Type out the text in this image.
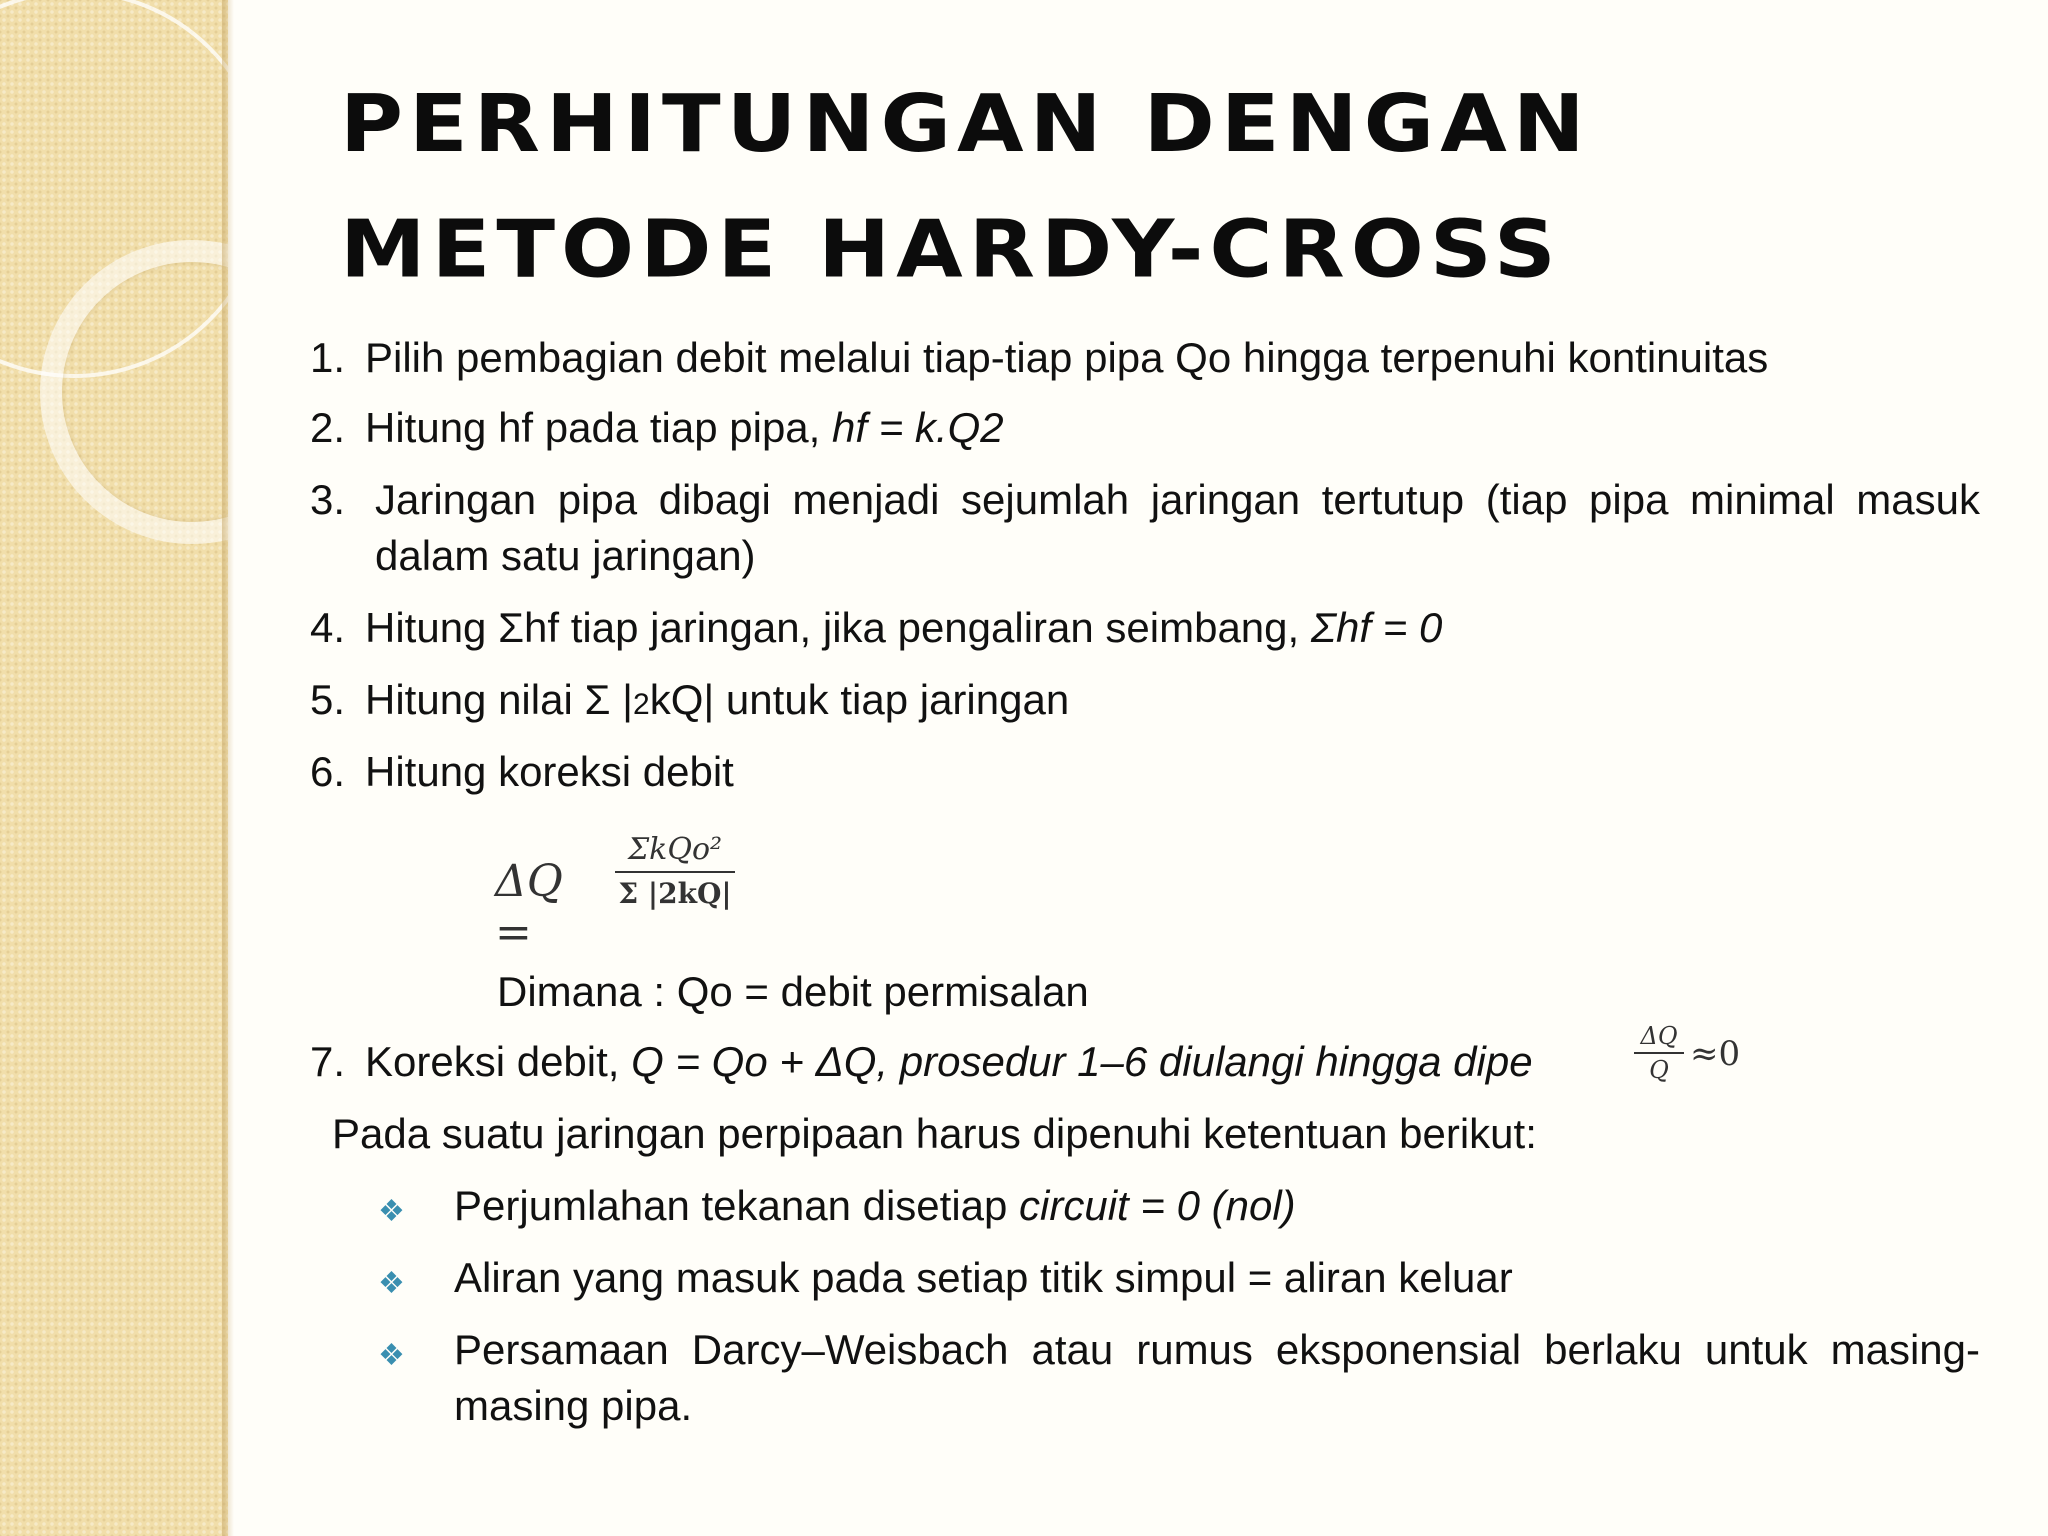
PERHITUNGAN DENGAN
METODE HARDY-CROSS
1. Pilih pembagian debit melalui tiap-tiap pipa Qo hingga terpenuhi kontinuitas
2. Hitung hf pada tiap pipa, hf = k.Q2
3. Jaringan pipa dibagi menjadi sejumlah jaringan tertutup (tiap pipa minimal masuk dalam satu jaringan)
4. Hitung Σhf tiap jaringan, jika pengaliran seimbang, Σhf = 0
5. Hitung nilai Σ |2kQ| untuk tiap jaringan
6. Hitung koreksi debit
ΔQ =
ΣkQo²
Σ |2kQ|
Dimana : Qo = debit permisalan
7. Koreksi debit, Q = Qo + ΔQ, prosedur 1–6 diulangi hingga dipe	$\frac{\Delta Q}{Q} \approx 0$
Pada suatu jaringan perpipaan harus dipenuhi ketentuan berikut:
❖	Perjumlahan tekanan disetiap circuit = 0 (nol)
❖	Aliran yang masuk pada setiap titik simpul = aliran keluar
❖	Persamaan Darcy–Weisbach atau rumus eksponensial berlaku untuk masing-masing pipa.
